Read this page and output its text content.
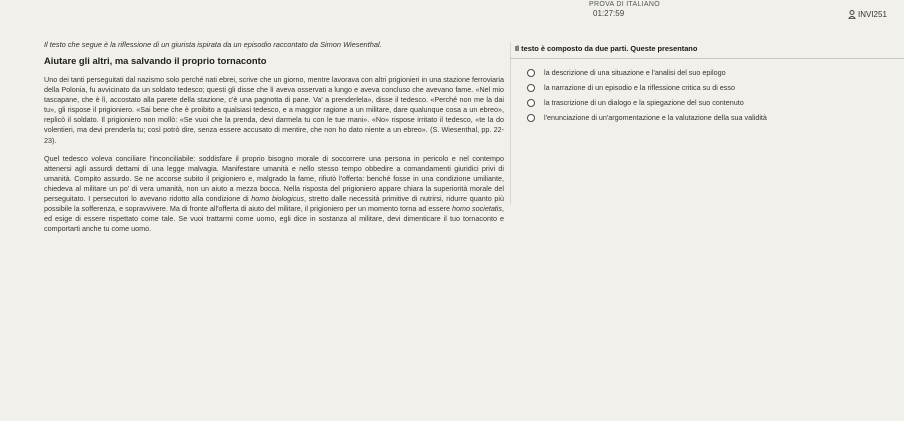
PROVA DI ITALIANO
01:27:59	INVI251
Il testo che segue è la riflessione di un giurista ispirata da un episodio raccontato da Simon Wiesenthal.
Aiutare gli altri, ma salvando il proprio tornaconto

Uno dei tanti perseguitati dal nazismo solo perché nati ebrei, scrive che un giorno, mentre lavorava con altri prigionieri in una stazione ferroviaria della Polonia, fu avvicinato da un soldato tedesco; questi gli disse che lì aveva osservati a lungo e aveva concluso che avevano fame. «Nel mio tascapane, che è lì, accostato alla parete della stazione, c'è una pagnotta di pane. Va' a prenderlela», disse il tedesco. «Perché non me la dai tu», gli rispose il prigioniero. «Sai bene che è proibito a qualsiasi tedesco, e a maggior ragione a un militare, dare qualunque cosa a un ebreo», replicò il soldato. Il prigioniero non mollò: «Se vuoi che la prenda, devi darmela tu con le tue mani». «No» rispose irritato il tedesco, «te la do volentieri, ma devi prenderla tu; così potrò dire, senza essere accusato di mentire, che non ho dato niente a un ebreo». (S. Wiesenthal, pp. 22-23).

Quel tedesco voleva conciliare l'inconciliabile: soddisfare il proprio bisogno morale di soccorrere una persona in pericolo e nel contempo attenersi agli assurdi dettami di una legge malvagia. Manifestare umanità e nello stesso tempo obbedire a comandamenti giuridici privi di umanità. Compito assurdo. Se ne accorse subito il prigioniero e, malgrado la fame, rifiutò l'offerta: benché fosse in una condizione umiliante, chiedeva al militare un po' di vera umanità, non un aiuto a mezza bocca. Nella risposta del prigioniero appare chiara la superiorità morale del perseguitato. I persecutori lo avevano ridotto alla condizione di homo biologicus, stretto dalle necessità primitive di nutrirsi, ridurre quanto più possibile la sofferenza, e sopravvivere. Ma di fronte all'offerta di aiuto del militare, il prigioniero per un momento torna ad essere homo societatis, ed esige di essere rispettato come tale. Se vuoi trattarmi come uomo, egli dice in sostanza al militare, devi dimenticare il tuo tornaconto e comportarti anche tu come uomo.

Il testo è composto da due parti. Queste presentano
la descrizione di una situazione e l'analisi del suo epilogo
la narrazione di un episodio e la riflessione critica su di esso
la trascrizione di un dialogo e la spiegazione del suo contenuto
l'enunciazione di un'argomentazione e la valutazione della sua validità
